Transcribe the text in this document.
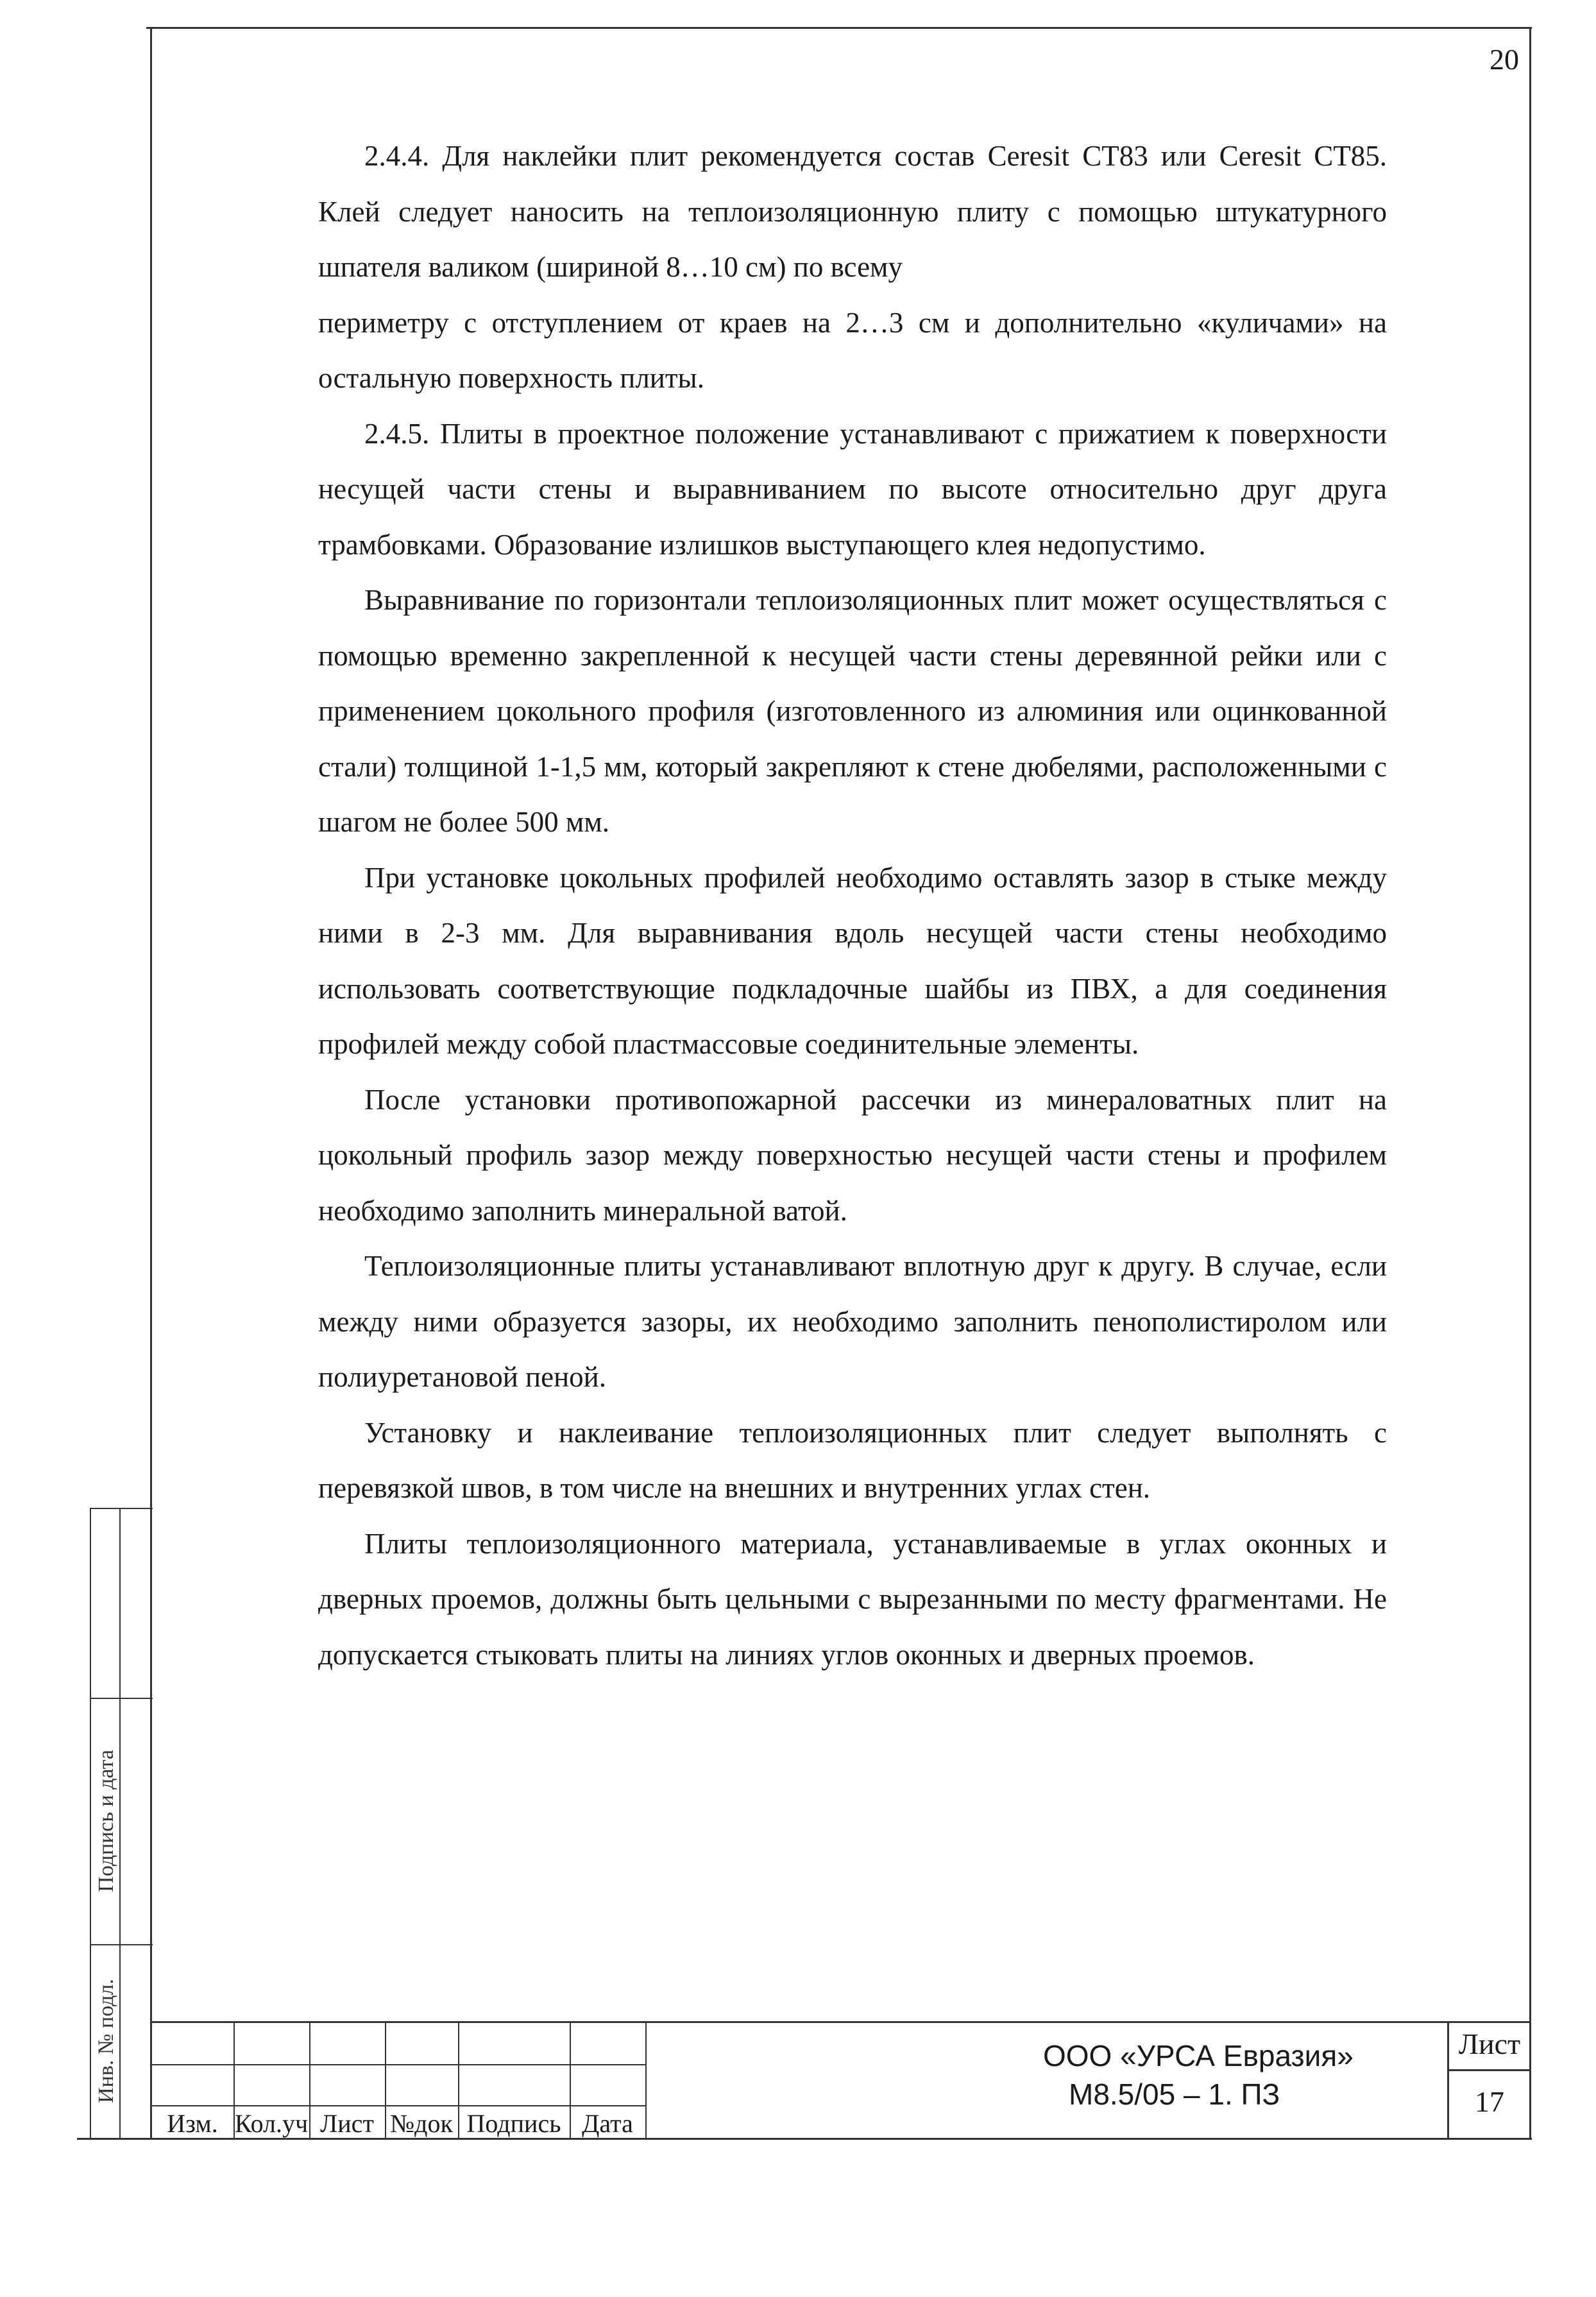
20

2.4.4. Для наклейки плит рекомендуется состав Ceresit CT83 или Ceresit CT85. Клей следует наносить на теплоизоляционную плиту с помощью штукатурного шпателя валиком (шириной 8…10 см) по всему

периметру с отступлением от краев на 2…3 см и дополнительно «куличами» на остальную поверхность плиты.

2.4.5. Плиты в проектное положение устанавливают с прижатием к поверхности несущей части стены и выравниванием по высоте относительно друг друга трамбовками. Образование излишков выступающего клея недопустимо.

Выравнивание по горизонтали теплоизоляционных плит может осуществляться с помощью временно закрепленной к несущей части стены деревянной рейки или с применением цокольного профиля (изготовленного из алюминия или оцинкованной стали) толщиной 1-1,5 мм, который закрепляют к стене дюбелями, расположенными с шагом не более 500 мм.

При установке цокольных профилей необходимо оставлять зазор в стыке между ними в 2-3 мм. Для выравнивания вдоль несущей части стены необходимо использовать соответствующие подкладочные шайбы из ПВХ, а для соединения профилей между собой пластмассовые соединительные элементы.

После установки противопожарной рассечки из минераловатных плит на цокольный профиль зазор между поверхностью несущей части стены и профилем необходимо заполнить минеральной ватой.

Теплоизоляционные плиты устанавливают вплотную друг к другу. В случае, если между ними образуется зазоры, их необходимо заполнить пенополистиролом или полиуретановой пеной.

Установку и наклеивание теплоизоляционных плит следует выполнять с перевязкой швов, в том числе на внешних и внутренних углах стен.

Плиты теплоизоляционного материала, устанавливаемые в углах оконных и дверных проемов, должны быть цельными с вырезанными по месту фрагментами. Не допускается стыковать плиты на линиях углов оконных и дверных проемов.

Подпись и дата
Инв. № подл.
Изм. Кол.уч Лист №док Подпись Дата
ООО «УРСА Евразия»
М8.5/05 – 1. ПЗ
Лист
17
